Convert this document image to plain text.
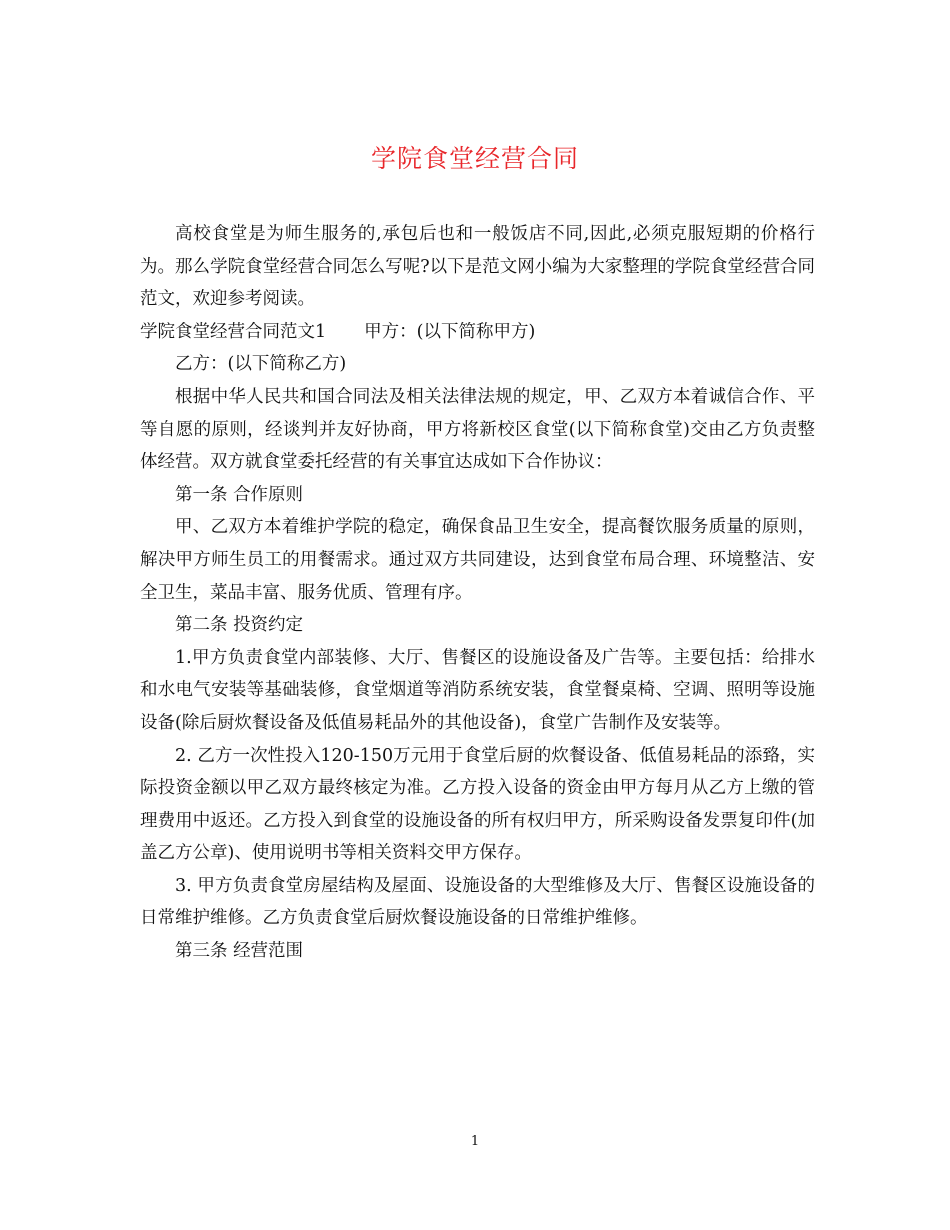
学院食堂经营合同

高校食堂是为师生服务的,承包后也和一般饭店不同,因此,必须克服短期的价格行为。那么学院食堂经营合同怎么写呢?以下是范文网小编为大家整理的学院食堂经营合同范文，欢迎参考阅读。

学院食堂经营合同范文1 甲方：(以下简称甲方)

乙方：(以下简称乙方)

根据中华人民共和国合同法及相关法律法规的规定，甲、乙双方本着诚信合作、平等自愿的原则，经谈判并友好协商，甲方将新校区食堂(以下简称食堂)交由乙方负责整体经营。双方就食堂委托经营的有关事宜达成如下合作协议：

第一条 合作原则

甲、乙双方本着维护学院的稳定，确保食品卫生安全，提高餐饮服务质量的原则，解决甲方师生员工的用餐需求。通过双方共同建设，达到食堂布局合理、环境整洁、安全卫生，菜品丰富、服务优质、管理有序。

第二条 投资约定

1.甲方负责食堂内部装修、大厅、售餐区的设施设备及广告等。主要包括：给排水和水电气安装等基础装修，食堂烟道等消防系统安装，食堂餐桌椅、空调、照明等设施设备(除后厨炊餐设备及低值易耗品外的其他设备)，食堂广告制作及安装等。

2. 乙方一次性投入120-150万元用于食堂后厨的炊餐设备、低值易耗品的添臵，实际投资金额以甲乙双方最终核定为准。乙方投入设备的资金由甲方每月从乙方上缴的管理费用中返还。乙方投入到食堂的设施设备的所有权归甲方，所采购设备发票复印件(加盖乙方公章)、使用说明书等相关资料交甲方保存。

3. 甲方负责食堂房屋结构及屋面、设施设备的大型维修及大厅、售餐区设施设备的日常维护维修。乙方负责食堂后厨炊餐设施设备的日常维护维修。

第三条 经营范围

1
